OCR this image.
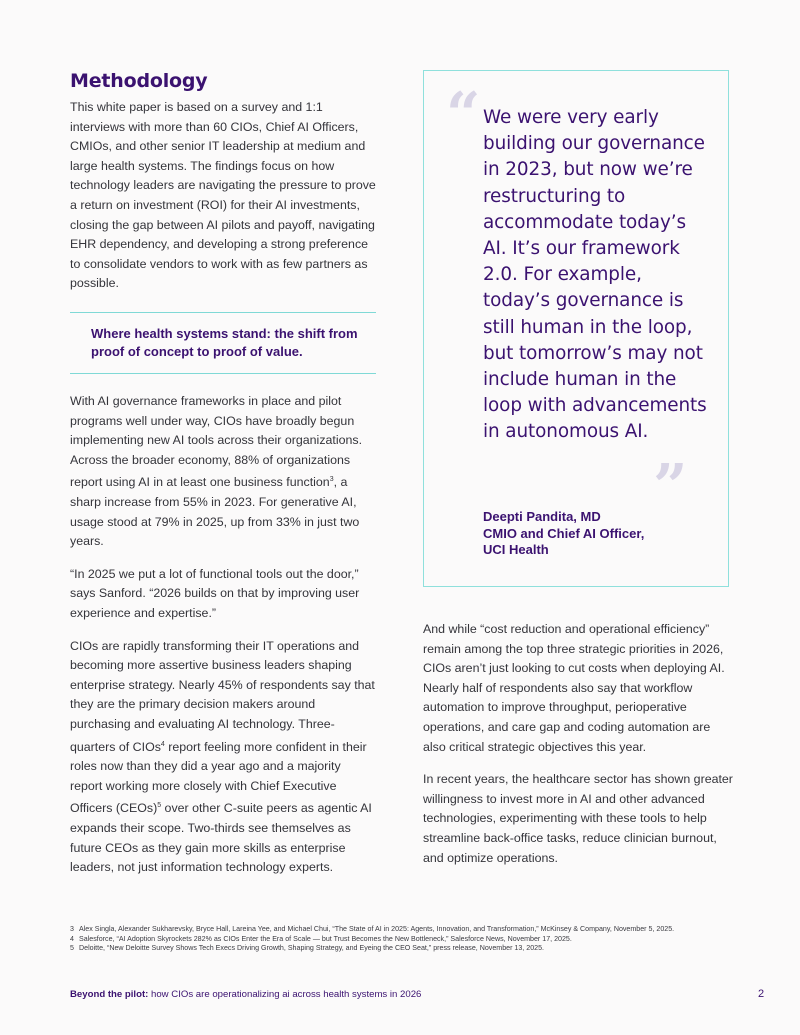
Methodology

This white paper is based on a survey and 1:1 interviews with more than 60 CIOs, Chief AI Officers, CMIOs, and other senior IT leadership at medium and large health systems. The findings focus on how technology leaders are navigating the pressure to prove a return on investment (ROI) for their AI investments, closing the gap between AI pilots and payoff, navigating EHR dependency, and developing a strong preference to consolidate vendors to work with as few partners as possible.

Where health systems stand: the shift from proof of concept to proof of value.

With AI governance frameworks in place and pilot programs well under way, CIOs have broadly begun implementing new AI tools across their organizations. Across the broader economy, 88% of organizations report using AI in at least one business function$^3$, a sharp increase from 55% in 2023. For generative AI, usage stood at 79% in 2025, up from 33% in just two years.

“In 2025 we put a lot of functional tools out the door,” says Sanford. “2026 builds on that by improving user experience and expertise.”

CIOs are rapidly transforming their IT operations and becoming more assertive business leaders shaping enterprise strategy. Nearly 45% of respondents say that they are the primary decision makers around purchasing and evaluating AI technology. Three-quarters of CIOs$^4$ report feeling more confident in their roles now than they did a year ago and a majority report working more closely with Chief Executive Officers (CEOs)$^5$ over other C-suite peers as agentic AI expands their scope. Two-thirds see themselves as future CEOs as they gain more skills as enterprise leaders, not just information technology experts.

“ We were very early building our governance in 2023, but now we’re restructuring to accommodate today’s AI. It’s our framework 2.0. For example, today’s governance is still human in the loop, but tomorrow’s may not include human in the loop with advancements in autonomous AI.
”
Deepti Pandita, MD
CMIO and Chief AI Officer,
UCI Health

And while “cost reduction and operational efficiency” remain among the top three strategic priorities in 2026, CIOs aren’t just looking to cut costs when deploying AI. Nearly half of respondents also say that workflow automation to improve throughput, perioperative operations, and care gap and coding automation are also critical strategic objectives this year.

In recent years, the healthcare sector has shown greater willingness to invest more in AI and other advanced technologies, experimenting with these tools to help streamline back-office tasks, reduce clinician burnout, and optimize operations.

3 Alex Singla, Alexander Sukharevsky, Bryce Hall, Lareina Yee, and Michael Chui, “The State of AI in 2025: Agents, Innovation, and Transformation,” McKinsey & Company, November 5, 2025.
4 Salesforce, “AI Adoption Skyrockets 282% as CIOs Enter the Era of Scale — but Trust Becomes the New Bottleneck,” Salesforce News, November 17, 2025.
5 Deloitte, “New Deloitte Survey Shows Tech Execs Driving Growth, Shaping Strategy, and Eyeing the CEO Seat,” press release, November 13, 2025.
Beyond the pilot: how CIOs are operationalizing ai across health systems in 2026	2
